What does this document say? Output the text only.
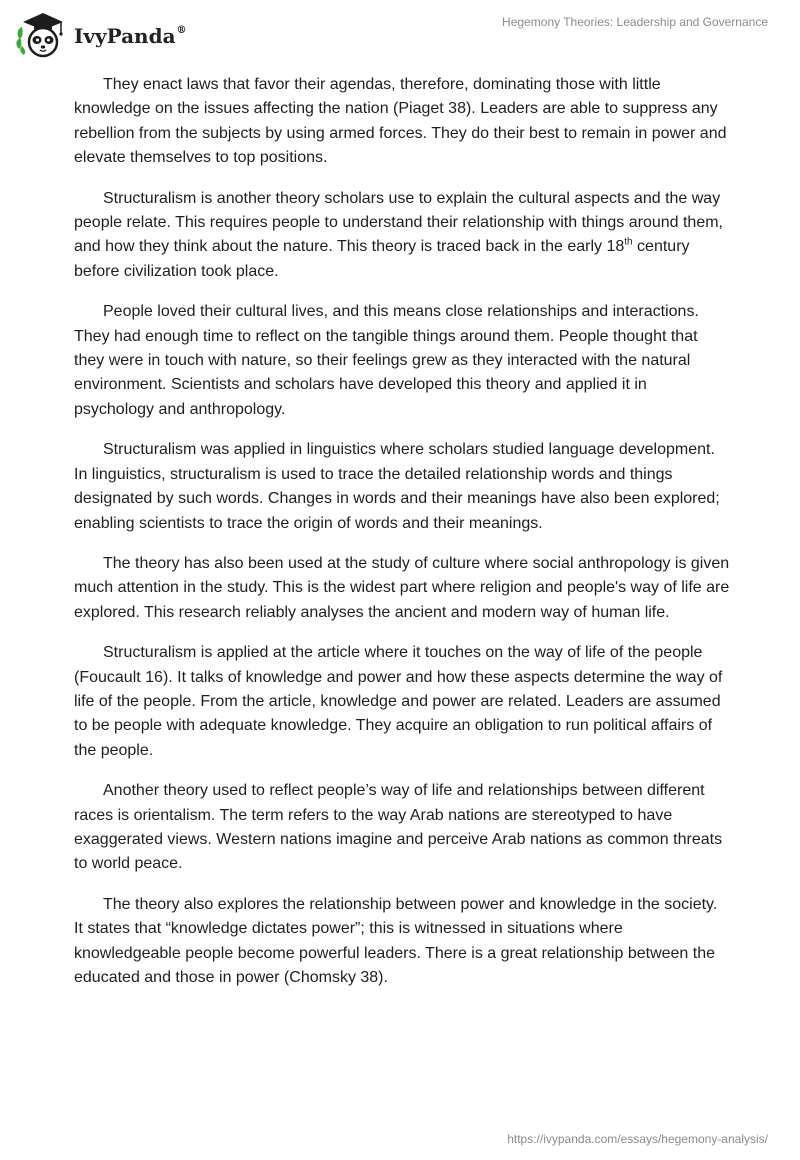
IvyPanda®
Hegemony Theories: Leadership and Governance

They enact laws that favor their agendas, therefore, dominating those with little knowledge on the issues affecting the nation (Piaget 38). Leaders are able to suppress any rebellion from the subjects by using armed forces. They do their best to remain in power and elevate themselves to top positions.

Structuralism is another theory scholars use to explain the cultural aspects and the way people relate. This requires people to understand their relationship with things around them, and how they think about the nature. This theory is traced back in the early 18th century before civilization took place.

People loved their cultural lives, and this means close relationships and interactions. They had enough time to reflect on the tangible things around them. People thought that they were in touch with nature, so their feelings grew as they interacted with the natural environment. Scientists and scholars have developed this theory and applied it in psychology and anthropology.

Structuralism was applied in linguistics where scholars studied language development. In linguistics, structuralism is used to trace the detailed relationship words and things designated by such words. Changes in words and their meanings have also been explored; enabling scientists to trace the origin of words and their meanings.

The theory has also been used at the study of culture where social anthropology is given much attention in the study. This is the widest part where religion and people's way of life are explored. This research reliably analyses the ancient and modern way of human life.

Structuralism is applied at the article where it touches on the way of life of the people (Foucault 16). It talks of knowledge and power and how these aspects determine the way of life of the people. From the article, knowledge and power are related. Leaders are assumed to be people with adequate knowledge. They acquire an obligation to run political affairs of the people.

Another theory used to reflect people’s way of life and relationships between different races is orientalism. The term refers to the way Arab nations are stereotyped to have exaggerated views. Western nations imagine and perceive Arab nations as common threats to world peace.

The theory also explores the relationship between power and knowledge in the society. It states that “knowledge dictates power”; this is witnessed in situations where knowledgeable people become powerful leaders. There is a great relationship between the educated and those in power (Chomsky 38).

https://ivypanda.com/essays/hegemony-analysis/
